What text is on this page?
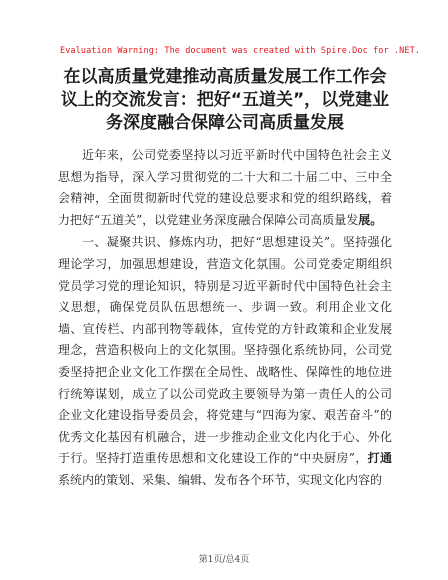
Evaluation Warning: The document was created with Spire.Doc for .NET.
在以高质量党建推动高质量发展工作工作会议上的交流发言：把好“五道关”，以党建业务深度融合保障公司高质量发展

近年来，公司党委坚持以习近平新时代中国特色社会主义思想为指导，深入学习贯彻党的二十大和二十届二中、三中全会精神，全面贯彻新时代党的建设总要求和党的组织路线，着力把好“五道关”，以党建业务深度融合保障公司高质量发展。

一、凝聚共识、修炼内功，把好“思想建设关”。坚持强化理论学习，加强思想建设，营造文化氛围。公司党委定期组织党员学习党的理论知识，特别是习近平新时代中国特色社会主义思想，确保党员队伍思想统一、步调一致。利用企业文化墙、宣传栏、内部刊物等载体，宣传党的方针政策和企业发展理念，营造积极向上的文化氛围。坚持强化系统协同，公司党委坚持把企业文化工作摆在全局性、战略性、保障性的地位进行统筹谋划，成立了以公司党政主要领导为第一责任人的公司企业文化建设指导委员会，将党建与“四海为家、艰苦奋斗”的优秀文化基因有机融合，进一步推动企业文化内化于心、外化于行。坚持打造重传思想和文化建设工作的“中央厨房”，打通系统内的策划、采集、编辑、发布各个环节，实现文化内容的

第1页/总4页
